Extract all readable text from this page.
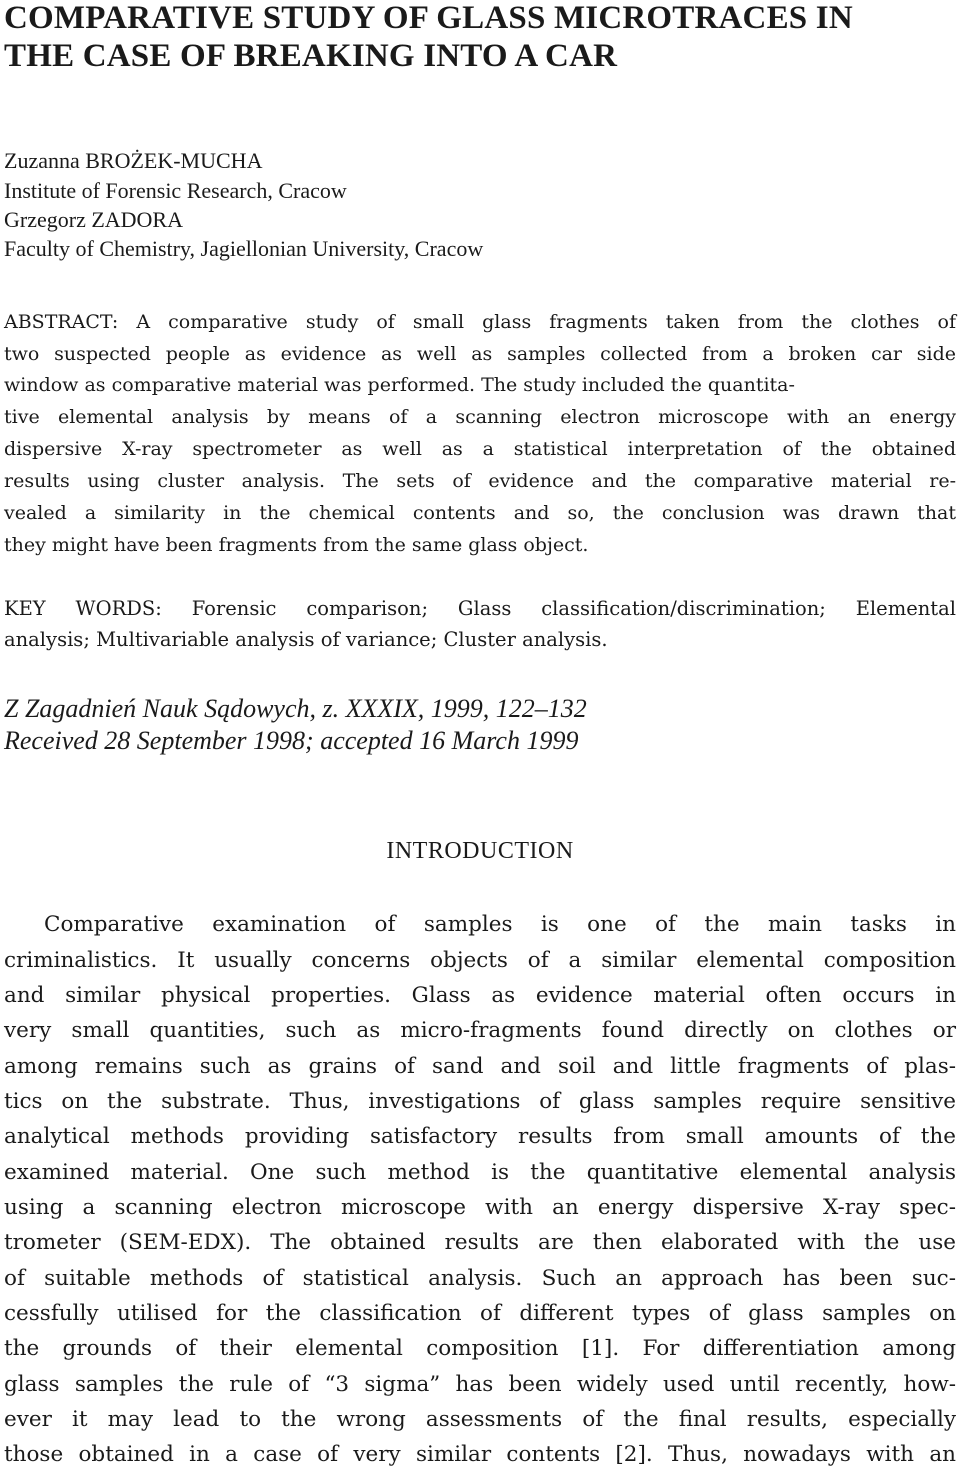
COMPARATIVE STUDY OF GLASS MICROTRACES IN
THE CASE OF BREAKING INTO A CAR
Zuzanna BROŻEK-MUCHA
Institute of Forensic Research, Cracow
Grzegorz ZADORA
Faculty of Chemistry, Jagiellonian University, Cracow
ABSTRACT: A comparative study of small glass fragments taken from the clothes of
two suspected people as evidence as well as samples collected from a broken car side
window as comparative material was performed. The study included the quantita-
tive elemental analysis by means of a scanning electron microscope with an energy
dispersive X-ray spectrometer as well as a statistical interpretation of the obtained
results using cluster analysis. The sets of evidence and the comparative material re-
vealed a similarity in the chemical contents and so, the conclusion was drawn that
they might have been fragments from the same glass object.
KEY WORDS: Forensic comparison; Glass classification/discrimination; Elemental
analysis; Multivariable analysis of variance; Cluster analysis.
Z Zagadnień Nauk Sądowych, z. XXXIX, 1999, 122–132
Received 28 September 1998; accepted 16 March 1999
INTRODUCTION
Comparative examination of samples is one of the main tasks in
criminalistics. It usually concerns objects of a similar elemental composition
and similar physical properties. Glass as evidence material often occurs in
very small quantities, such as micro-fragments found directly on clothes or
among remains such as grains of sand and soil and little fragments of plas-
tics on the substrate. Thus, investigations of glass samples require sensitive
analytical methods providing satisfactory results from small amounts of the
examined material. One such method is the quantitative elemental analysis
using a scanning electron microscope with an energy dispersive X-ray spec-
trometer (SEM-EDX). The obtained results are then elaborated with the use
of suitable methods of statistical analysis. Such an approach has been suc-
cessfully utilised for the classification of different types of glass samples on
the grounds of their elemental composition [1]. For differentiation among
glass samples the rule of “3 sigma” has been widely used until recently, how-
ever it may lead to the wrong assessments of the final results, especially
those obtained in a case of very similar contents [2]. Thus, nowadays with an
